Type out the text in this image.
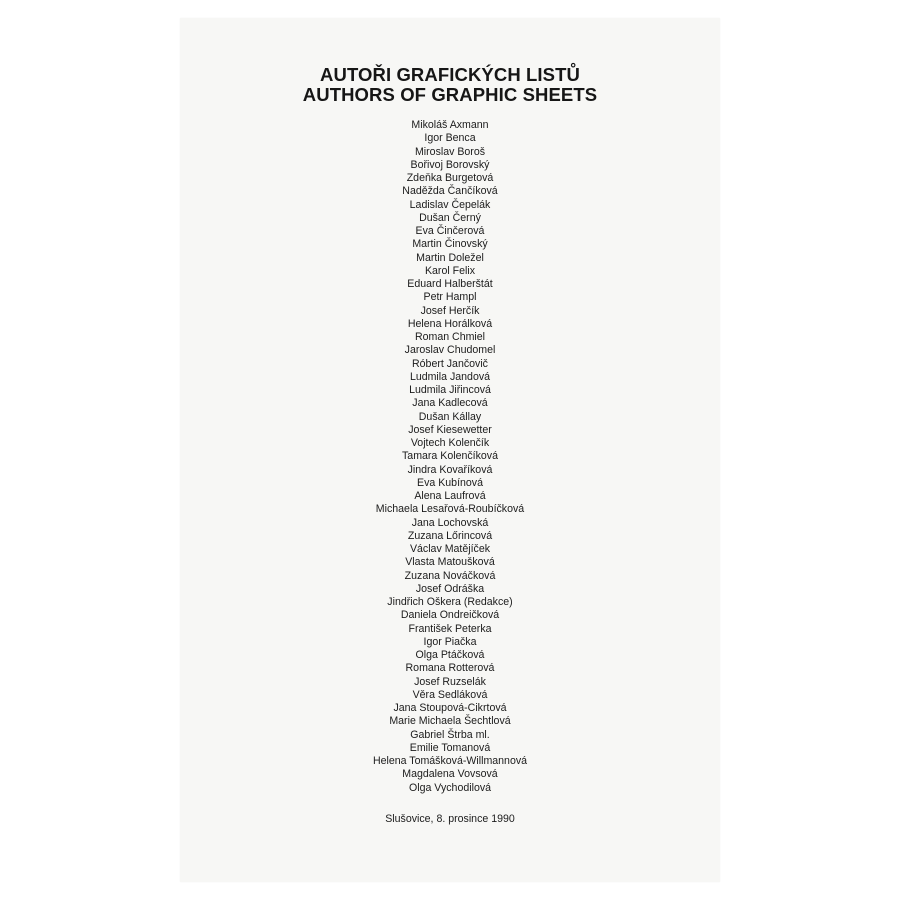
AUTOŘI GRAFICKÝCH LISTŮ
AUTHORS OF GRAPHIC SHEETS
Mikoláš Axmann
Igor Benca
Miroslav Boroš
Bořivoj Borovský
Zdeňka Burgetová
Naděžda Čančíková
Ladislav Čepelák
Dušan Černý
Eva Činčerová
Martin Činovský
Martin Doležel
Karol Felix
Eduard Halberštát
Petr Hampl
Josef Herčík
Helena Horálková
Roman Chmiel
Jaroslav Chudomel
Róbert Jančovič
Ludmila Jandová
Ludmila Jiřincová
Jana Kadlecová
Dušan Kállay
Josef Kiesewetter
Vojtech Kolenčík
Tamara Kolenčíková
Jindra Kovaříková
Eva Kubínová
Alena Laufrová
Michaela Lesařová-Roubíčková
Jana Lochovská
Zuzana Lőrincová
Václav Matějíček
Vlasta Matoušková
Zuzana Nováčková
Josef Odráška
Jindřich Oškera (Redakce)
Daniela Ondreičková
František Peterka
Igor Piačka
Olga Ptáčková
Romana Rotterová
Josef Ruzselák
Věra Sedláková
Jana Stoupová-Cikrtová
Marie Michaela Šechtlová
Gabriel Štrba ml.
Emilie Tomanová
Helena Tomášková-Willmannová
Magdalena Vovsová
Olga Vychodilová
Slušovice, 8. prosince 1990
